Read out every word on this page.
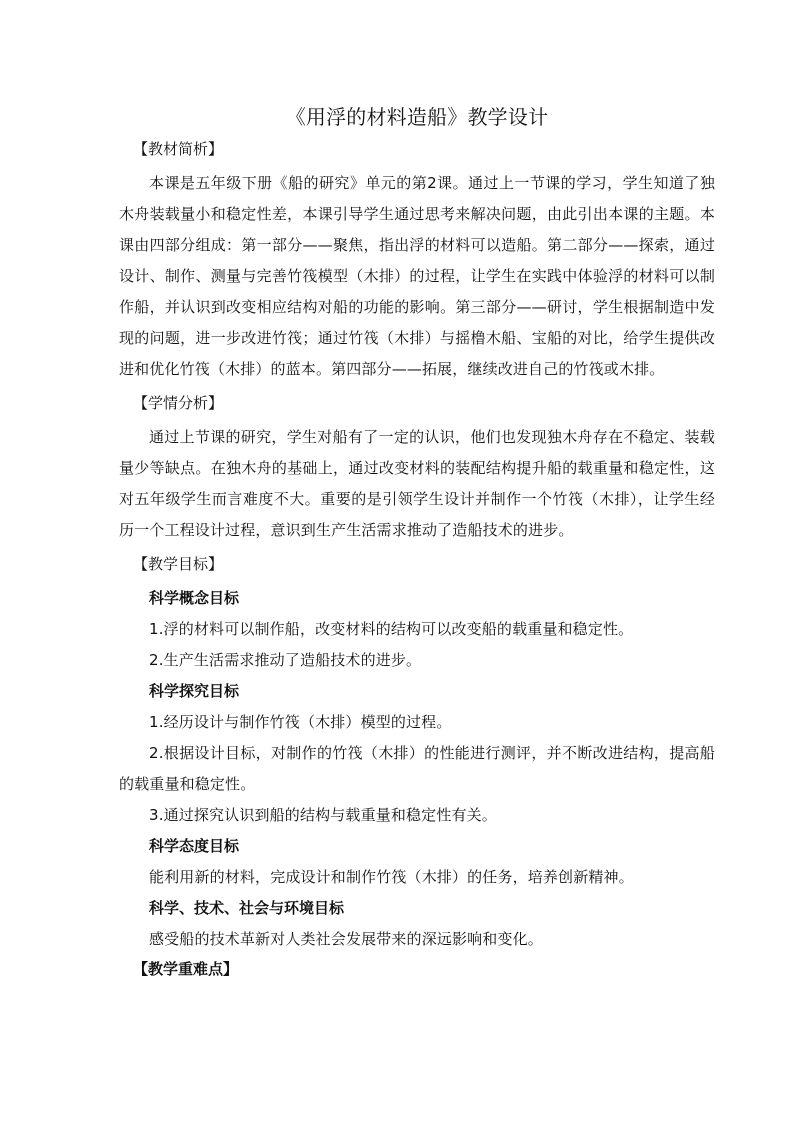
《用浮的材料造船》教学设计
【教材简析】

本课是五年级下册《船的研究》单元的第2课。通过上一节课的学习，学生知道了独木舟装载量小和稳定性差，本课引导学生通过思考来解决问题，由此引出本课的主题。本课由四部分组成：第一部分——聚焦，指出浮的材料可以造船。第二部分——探索，通过设计、制作、测量与完善竹筏模型（木排）的过程，让学生在实践中体验浮的材料可以制作船，并认识到改变相应结构对船的功能的影响。第三部分——研讨，学生根据制造中发现的问题，进一步改进竹筏；通过竹筏（木排）与摇橹木船、宝船的对比，给学生提供改进和优化竹筏（木排）的蓝本。第四部分——拓展，继续改进自己的竹筏或木排。

【学情分析】

通过上节课的研究，学生对船有了一定的认识，他们也发现独木舟存在不稳定、装载量少等缺点。在独木舟的基础上，通过改变材料的装配结构提升船的载重量和稳定性，这对五年级学生而言难度不大。重要的是引领学生设计并制作一个竹筏（木排），让学生经历一个工程设计过程，意识到生产生活需求推动了造船技术的进步。

【教学目标】
科学概念目标

1.浮的材料可以制作船，改变材料的结构可以改变船的载重量和稳定性。

2.生产生活需求推动了造船技术的进步。

科学探究目标

1.经历设计与制作竹筏（木排）模型的过程。

2.根据设计目标，对制作的竹筏（木排）的性能进行测评，并不断改进结构，提高船的载重量和稳定性。

3.通过探究认识到船的结构与载重量和稳定性有关。

科学态度目标

能利用新的材料，完成设计和制作竹筏（木排）的任务，培养创新精神。

科学、技术、社会与环境目标

感受船的技术革新对人类社会发展带来的深远影响和变化。

【教学重难点】
